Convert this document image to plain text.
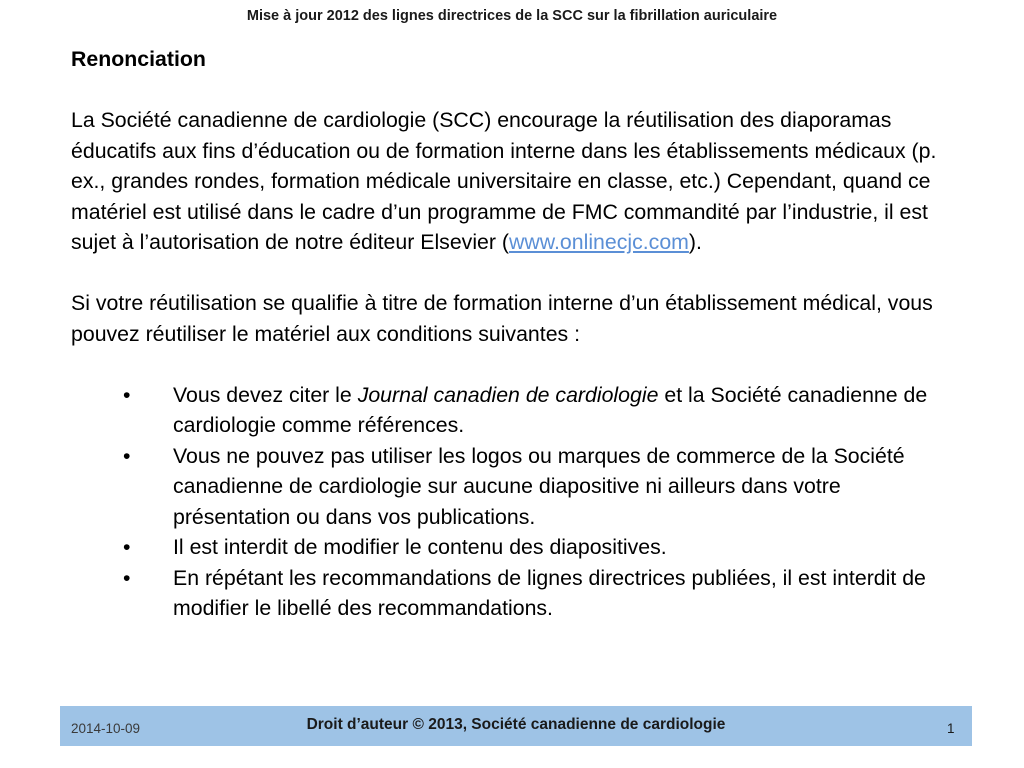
Mise à jour 2012 des lignes directrices de la SCC sur la fibrillation auriculaire

Renonciation

La Société canadienne de cardiologie (SCC) encourage la réutilisation des diaporamas éducatifs aux fins d’éducation ou de formation interne dans les établissements médicaux (p. ex., grandes rondes, formation médicale universitaire en classe, etc.) Cependant, quand ce matériel est utilisé dans le cadre d’un programme de FMC commandité par l’industrie, il est sujet à l’autorisation de notre éditeur Elsevier (www.onlinecjc.com).

Si votre réutilisation se qualifie à titre de formation interne d’un établissement médical, vous pouvez réutiliser le matériel aux conditions suivantes :

• Vous devez citer le Journal canadien de cardiologie et la Société canadienne de cardiologie comme références.
• Vous ne pouvez pas utiliser les logos ou marques de commerce de la Société canadienne de cardiologie sur aucune diapositive ni ailleurs dans votre présentation ou dans vos publications.
• Il est interdit de modifier le contenu des diapositives.
• En répétant les recommandations de lignes directrices publiées, il est interdit de modifier le libellé des recommandations.
2014-10-09	Droit d’auteur © 2013, Société canadienne de cardiologie	1
